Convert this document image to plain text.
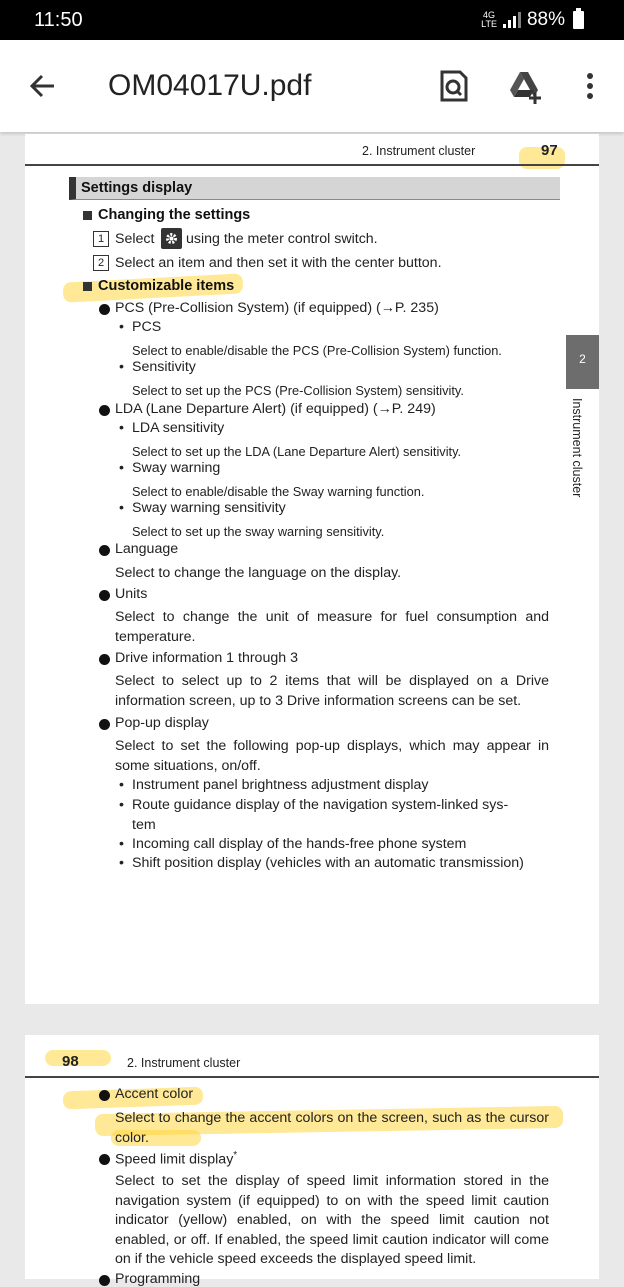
11:50	4G
LTE 88%
OM04017U.pdf
2. Instrument cluster	97
Settings display
Changing the settings
1 Select using the meter control switch.
2 Select an item and then set it with the center button.
Customizable items
PCS (Pre-Collision System) (if equipped) (→P. 235)
• PCS
Select to enable/disable the PCS (Pre-Collision System) function.
• Sensitivity
Select to set up the PCS (Pre-Collision System) sensitivity.
LDA (Lane Departure Alert) (if equipped) (→P. 249)
• LDA sensitivity
Select to set up the LDA (Lane Departure Alert) sensitivity.
• Sway warning
Select to enable/disable the Sway warning function.
• Sway warning sensitivity
Select to set up the sway warning sensitivity.
Language
Select to change the language on the display.
Units
Select to change the unit of measure for fuel consumption and temperature.
Drive information 1 through 3
Select to select up to 2 items that will be displayed on a Drive information screen, up to 3 Drive information screens can be set.
Pop-up display
Select to set the following pop-up displays, which may appear in some situations, on/off.
• Instrument panel brightness adjustment display
• Route guidance display of the navigation system-linked sys-
tem
• Incoming call display of the hands-free phone system
• Shift position display (vehicles with an automatic transmission)
2
Instrument cluster
98	2. Instrument cluster
Accent color
Select to change the accent colors on the screen, such as the cursor color.
Speed limit display*
Select to set the display of speed limit information stored in the navigation system (if equipped) to on with the speed limit caution indicator (yellow) enabled, on with the speed limit caution not enabled, or off. If enabled, the speed limit caution indicator will come on if the vehicle speed exceeds the displayed speed limit.
Programming
